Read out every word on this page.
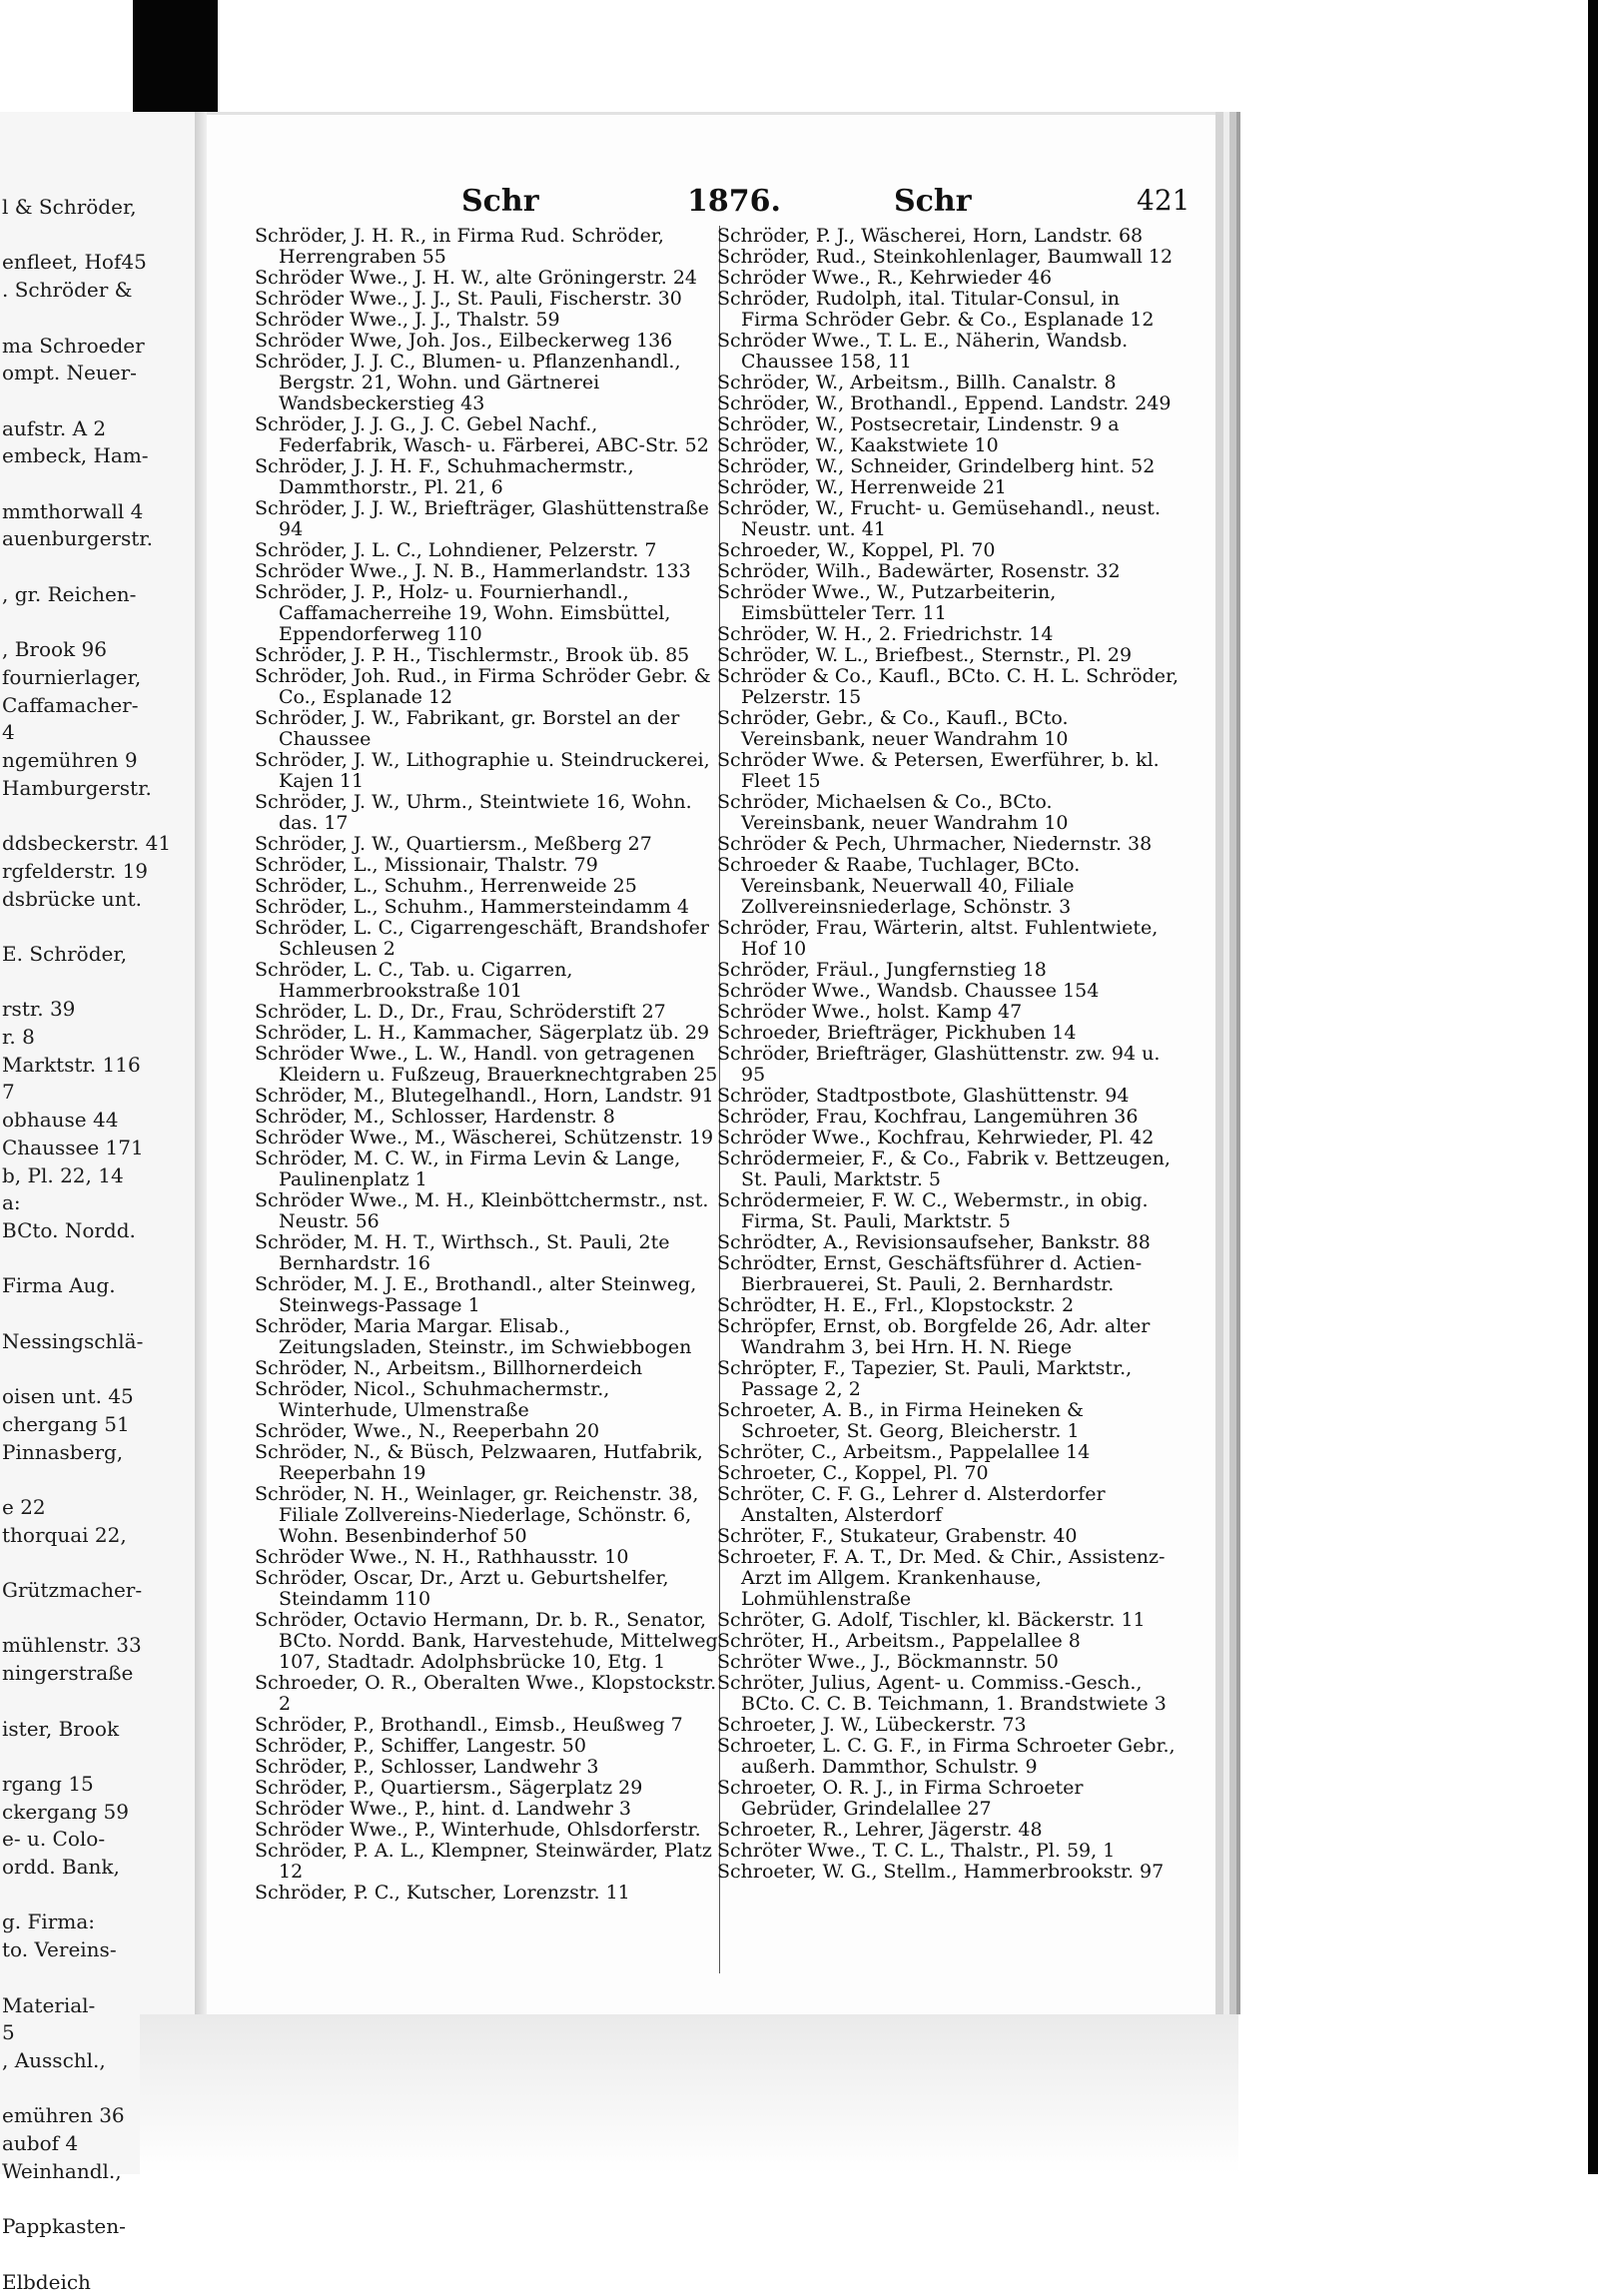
l & Schröder,
enfleet, Hof45
. Schröder &
ma Schroeder
ompt. Neuer-
aufstr. A 2
embeck, Ham-
mmthorwall 4
auenburgerstr.
, gr. Reichen-
, Brook 96
fournierlager,
Caffamacher-
4
ngemühren 9
Hamburgerstr.
ddsbeckerstr. 41
rgfelderstr. 19
dsbrücke unt.
E. Schröder,
rstr. 39
r. 8
Marktstr. 116
7
obhause 44
Chaussee 171
b, Pl. 22, 14
a:
BCto. Nordd.
Firma Aug.
Nessingschlä-
oisen unt. 45
chergang 51
Pinnasberg,
e 22
thorquai 22,
Grützmacher-
mühlenstr. 33
ningerstraße
ister, Brook
rgang 15
ckergang 59
e- u. Colo-
ordd. Bank,
g. Firma:
to. Vereins-
Material-
5
, Ausschl.,
emühren 36
aubof 4
Weinhandl.,
Pappkasten-
Elbdeich
Schr	1876.	Schr	421

Schröder, J. H. R., in Firma Rud. Schröder, Herrengraben 55

Schröder Wwe., J. H. W., alte Gröningerstr. 24

Schröder Wwe., J. J., St. Pauli, Fischerstr. 30

Schröder Wwe., J. J., Thalstr. 59

Schröder Wwe, Joh. Jos., Eilbeckerweg 136

Schröder, J. J. C., Blumen- u. Pflanzenhandl., Bergstr. 21, Wohn. und Gärtnerei Wandsbeckerstieg 43

Schröder, J. J. G., J. C. Gebel Nachf., Federfabrik, Wasch- u. Färberei, ABC-Str. 52

Schröder, J. J. H. F., Schuhmachermstr., Dammthorstr., Pl. 21, 6

Schröder, J. J. W., Briefträger, Glashüttenstraße 94

Schröder, J. L. C., Lohndiener, Pelzerstr. 7

Schröder Wwe., J. N. B., Hammerlandstr. 133

Schröder, J. P., Holz- u. Fournierhandl., Caffamacherreihe 19, Wohn. Eimsbüttel, Eppendorferweg 110

Schröder, J. P. H., Tischlermstr., Brook üb. 85

Schröder, Joh. Rud., in Firma Schröder Gebr. & Co., Esplanade 12

Schröder, J. W., Fabrikant, gr. Borstel an der Chaussee

Schröder, J. W., Lithographie u. Steindruckerei, Kajen 11

Schröder, J. W., Uhrm., Steintwiete 16, Wohn. das. 17

Schröder, J. W., Quartiersm., Meßberg 27

Schröder, L., Missionair, Thalstr. 79

Schröder, L., Schuhm., Herrenweide 25

Schröder, L., Schuhm., Hammersteindamm 4

Schröder, L. C., Cigarrengeschäft, Brandshofer Schleusen 2

Schröder, L. C., Tab. u. Cigarren, Hammerbrookstraße 101

Schröder, L. D., Dr., Frau, Schröderstift 27

Schröder, L. H., Kammacher, Sägerplatz üb. 29

Schröder Wwe., L. W., Handl. von getragenen Kleidern u. Fußzeug, Brauerknechtgraben 25

Schröder, M., Blutegelhandl., Horn, Landstr. 91

Schröder, M., Schlosser, Hardenstr. 8

Schröder Wwe., M., Wäscherei, Schützenstr. 19

Schröder, M. C. W., in Firma Levin & Lange, Paulinenplatz 1

Schröder Wwe., M. H., Kleinböttchermstr., nst. Neustr. 56

Schröder, M. H. T., Wirthsch., St. Pauli, 2te Bernhardstr. 16

Schröder, M. J. E., Brothandl., alter Steinweg, Steinwegs-Passage 1

Schröder, Maria Margar. Elisab., Zeitungsladen, Steinstr., im Schwiebbogen

Schröder, N., Arbeitsm., Billhornerdeich

Schröder, Nicol., Schuhmachermstr., Winterhude, Ulmenstraße

Schröder, Wwe., N., Reeperbahn 20

Schröder, N., & Büsch, Pelzwaaren, Hutfabrik, Reeperbahn 19

Schröder, N. H., Weinlager, gr. Reichenstr. 38, Filiale Zollvereins-Niederlage, Schönstr. 6, Wohn. Besenbinderhof 50

Schröder Wwe., N. H., Rathhausstr. 10

Schröder, Oscar, Dr., Arzt u. Geburtshelfer, Steindamm 110

Schröder, Octavio Hermann, Dr. b. R., Senator, BCto. Nordd. Bank, Harvestehude, Mittelweg 107, Stadtadr. Adolphsbrücke 10, Etg. 1

Schroeder, O. R., Oberalten Wwe., Klopstockstr. 2

Schröder, P., Brothandl., Eimsb., Heußweg 7

Schröder, P., Schiffer, Langestr. 50

Schröder, P., Schlosser, Landwehr 3

Schröder, P., Quartiersm., Sägerplatz 29

Schröder Wwe., P., hint. d. Landwehr 3

Schröder Wwe., P., Winterhude, Ohlsdorferstr.

Schröder, P. A. L., Klempner, Steinwärder, Platz 12

Schröder, P. C., Kutscher, Lorenzstr. 11

Schröder, P. J., Wäscherei, Horn, Landstr. 68

Schröder, Rud., Steinkohlenlager, Baumwall 12

Schröder Wwe., R., Kehrwieder 46

Schröder, Rudolph, ital. Titular-Consul, in Firma Schröder Gebr. & Co., Esplanade 12

Schröder Wwe., T. L. E., Näherin, Wandsb. Chaussee 158, 11

Schröder, W., Arbeitsm., Billh. Canalstr. 8

Schröder, W., Brothandl., Eppend. Landstr. 249

Schröder, W., Postsecretair, Lindenstr. 9 a

Schröder, W., Kaakstwiete 10

Schröder, W., Schneider, Grindelberg hint. 52

Schröder, W., Herrenweide 21

Schröder, W., Frucht- u. Gemüsehandl., neust. Neustr. unt. 41

Schroeder, W., Koppel, Pl. 70

Schröder, Wilh., Badewärter, Rosenstr. 32

Schröder Wwe., W., Putzarbeiterin, Eimsbütteler Terr. 11

Schröder, W. H., 2. Friedrichstr. 14

Schröder, W. L., Briefbest., Sternstr., Pl. 29

Schröder & Co., Kaufl., BCto. C. H. L. Schröder, Pelzerstr. 15

Schröder, Gebr., & Co., Kaufl., BCto. Vereinsbank, neuer Wandrahm 10

Schröder Wwe. & Petersen, Ewerführer, b. kl. Fleet 15

Schröder, Michaelsen & Co., BCto. Vereinsbank, neuer Wandrahm 10

Schröder & Pech, Uhrmacher, Niedernstr. 38

Schroeder & Raabe, Tuchlager, BCto. Vereinsbank, Neuerwall 40, Filiale Zollvereinsniederlage, Schönstr. 3

Schröder, Frau, Wärterin, altst. Fuhlentwiete, Hof 10

Schröder, Fräul., Jungfernstieg 18

Schröder Wwe., Wandsb. Chaussee 154

Schröder Wwe., holst. Kamp 47

Schroeder, Briefträger, Pickhuben 14

Schröder, Briefträger, Glashüttenstr. zw. 94 u. 95

Schröder, Stadtpostbote, Glashüttenstr. 94

Schröder, Frau, Kochfrau, Langemühren 36

Schröder Wwe., Kochfrau, Kehrwieder, Pl. 42

Schrödermeier, F., & Co., Fabrik v. Bettzeugen, St. Pauli, Marktstr. 5

Schrödermeier, F. W. C., Webermstr., in obig. Firma, St. Pauli, Marktstr. 5

Schrödter, A., Revisionsaufseher, Bankstr. 88

Schrödter, Ernst, Geschäftsführer d. Actien-Bierbrauerei, St. Pauli, 2. Bernhardstr.

Schrödter, H. E., Frl., Klopstockstr. 2

Schröpfer, Ernst, ob. Borgfelde 26, Adr. alter Wandrahm 3, bei Hrn. H. N. Riege

Schröpter, F., Tapezier, St. Pauli, Marktstr., Passage 2, 2

Schroeter, A. B., in Firma Heineken & Schroeter, St. Georg, Bleicherstr. 1

Schröter, C., Arbeitsm., Pappelallee 14

Schroeter, C., Koppel, Pl. 70

Schröter, C. F. G., Lehrer d. Alsterdorfer Anstalten, Alsterdorf

Schröter, F., Stukateur, Grabenstr. 40

Schroeter, F. A. T., Dr. Med. & Chir., Assistenz-Arzt im Allgem. Krankenhause, Lohmühlenstraße

Schröter, G. Adolf, Tischler, kl. Bäckerstr. 11

Schröter, H., Arbeitsm., Pappelallee 8

Schröter Wwe., J., Böckmannstr. 50

Schröter, Julius, Agent- u. Commiss.-Gesch., BCto. C. C. B. Teichmann, 1. Brandstwiete 3

Schroeter, J. W., Lübeckerstr. 73

Schroeter, L. C. G. F., in Firma Schroeter Gebr., außerh. Dammthor, Schulstr. 9

Schroeter, O. R. J., in Firma Schroeter Gebrüder, Grindelallee 27

Schroeter, R., Lehrer, Jägerstr. 48

Schröter Wwe., T. C. L., Thalstr., Pl. 59, 1

Schroeter, W. G., Stellm., Hammerbrookstr. 97
